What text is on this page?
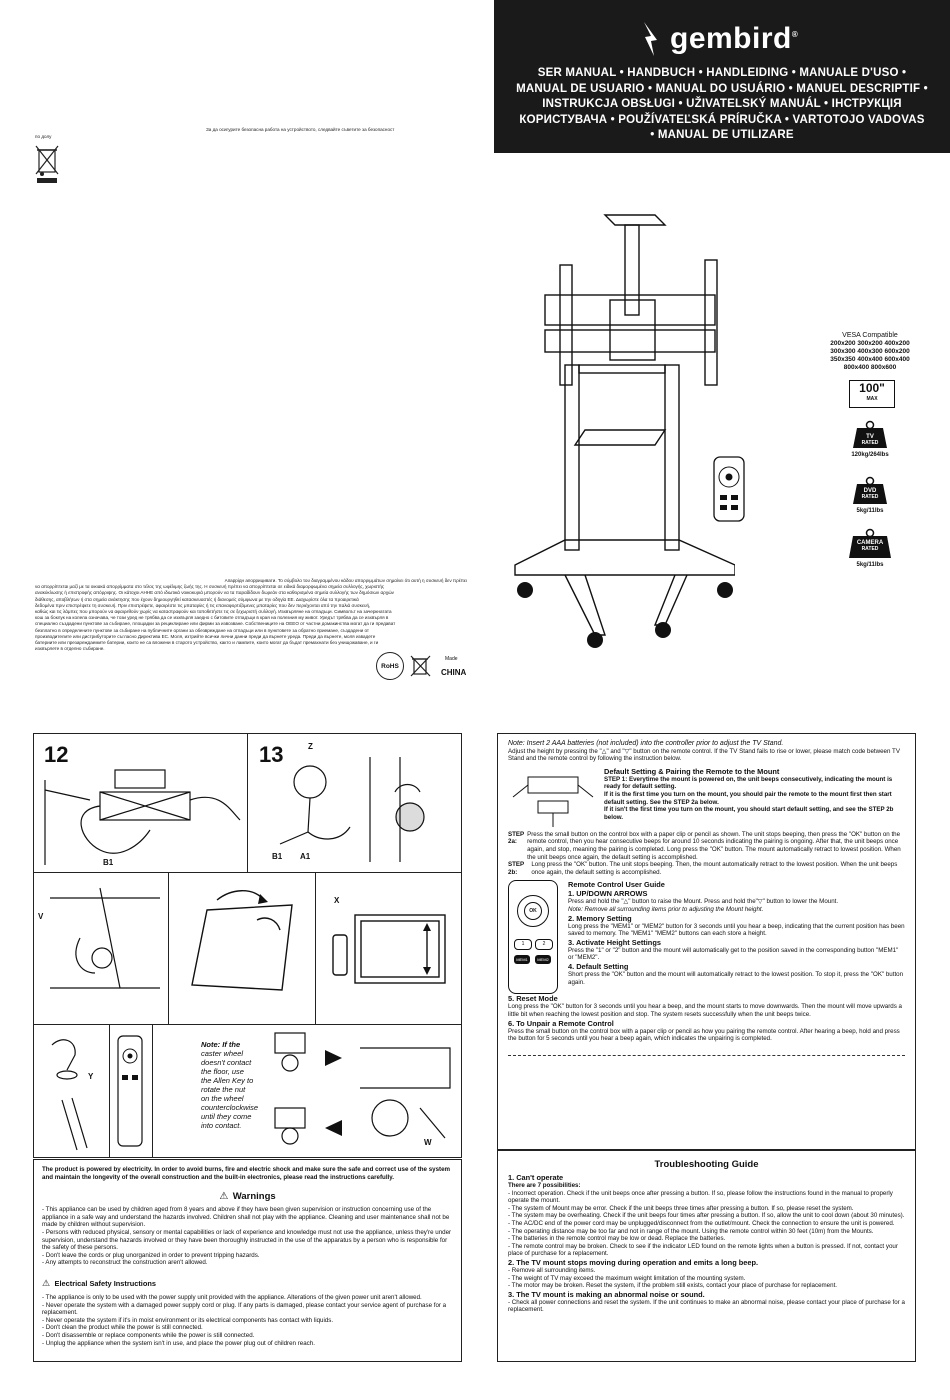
gembird®
SER MANUAL • HANDBUCH • HANDLEIDING • MANUALE D'USO •
MANUAL DE USUARIO • MANUAL DO USUÁRIO • MANUEL DESCRIPTIF •
INSTRUKCJA OBSŁUGI • UŽIVATELSKÝ MANUÁL • ІНСТРУКЦІЯ
КОРИСТУВАЧА • POUŽÍVATEĽSKÁ PRÍRUČKA • VARTOTOJO VADOVAS
• MANUAL DE UTILIZARE
За да осигурите безопасна работа на устройството, следвайте съветите за безопасност
по долу
Апаррідн апоррицивати. Το σύμβολο του διαγραμμένου κάδου απορριμμάτων σημαίνει ότι αυτή η συσκευή δεν πρέπει
να απορρίπτεται μαζί με τα οικιακά απορρίμματα στο τέλος της ωφέλιμης ζωής της. Η συσκευή πρέπει να απορρίπτεται σε ειδικά διαμορφωμένα σημεία συλλογής, χωριστής
ανακύκλωσης ή επιστροφής απόρριψης. Οι κάτοχοι ΑΗΗΕ από ιδιωτικά νοικοκυριά μπορούν να τα παραδίδουν δωρεάν στα καθορισμένα σημεία συλλογής των δημόσιων αρχών
διάθεσης, αποβλήτων ή στα σημεία ανάκτησης που έχουν δημιουργηθεί κατασκευαστές ή διανομείς σύμφωνα με την οδηγία ΕΕ. Διαχωρίστε όλα τα προαιρετικά
δεδομένα πριν επιστρέψετε τη συσκευή. Πριν επιστρέψετε, αφαιρέστε τις μπαταρίες ή τις επαναφορτιζόμενες μπαταρίες που δεν περιέχονται από την παλιά συσκευή,
καθώς και τις λάμπες που μπορούν να αφαιρεθούν χωρίς να καταστραφούν και τοποθετήστε τις σε ξεχωριστή συλλογή. Изхвърляне на отпадъци. Символът на зачеркнатата
кош за боклук на колела означава, че този уред не трябва да се изхвърля заедно с битовите отпадъци в края на полезния му живот. Уредът трябва да се изхвърля в
специално създадени пунктове за събиране, площадки за рециклиране или фирми за извозване. Собствениците на ОЕЕО от частни домакинства могат да ги предават
безплатно в определените пунктове за събиране на публичните органи за обезвреждане на отпадъци или в пунктовете за обратно приемане, създадени от
производителите или дистрибуторите съгласно Директива ЕС. Моля, изтрийте всички лични данни преди да върнете уреда. Преди да върнете, моля извадете
батериите или презареждаемите батерии, които не са вложени в старото устройство, както и лампите, които могат да бъдат премахнати без унищожаване, и ги
изхвърлете в отделно събиране.
RoHS
Made
CHINA
VESA Compatible
200x200 300x200 400x200
300x300 400x300 600x200
350x350 400x400 600x400
800x400 800x600
100"
MAX
TV
RATED
120kg/264lbs
DVD
RATED
5kg/11lbs
CAMERA
RATED
5kg/11lbs
12
B1
13	Z
B1 A1
V
X
Y
Note: If the
caster wheel
doesn't contact
the floor, use
the Allen Key to
rotate the nut
on the wheel
counterclockwise
until they come
into contact.
W
The product is powered by electricity. In order to avoid burns, fire and electric shock and make sure the safe and correct use of the system and maintain the longevity of the overall construction and the built-in electronics, please read the instructions carefully.
⚠ Warnings
- This appliance can be used by children aged from 8 years and above if they have been given supervision or instruction concerning use of the appliance in a safe way and understand the hazards involved. Children shall not play with the appliance. Cleaning and user maintenance shall not be made by children without supervision.
- Persons with reduced physical, sensory or mental capabilities or lack of experience and knowledge must not use the appliance, unless they're under supervision, understand the hazards involved or they have been thoroughly instructed in the use of the apparatus by a person who is responsible for the safety of these persons.
- Don't leave the cords or plug unorganized in order to prevent tripping hazards.
- Any attempts to reconstruct the construction aren't allowed.
⚠ Electrical Safety Instructions
- The appliance is only to be used with the power supply unit provided with the appliance. Alterations of the given power unit aren't allowed.
- Never operate the system with a damaged power supply cord or plug. If any parts is damaged, please contact your service agent of purchase for a replacement.
- Never operate the system if it's in moist environment or its electrical components has contact with liquids.
- Don't clean the product while the power is still connected.
- Don't disassemble or replace components while the power is still connected.
- Unplug the appliance when the system isn't in use, and place the power plug out of children reach.
Note: Insert 2 AAA batteries (not included) into the controller prior to adjust the TV Stand.
Adjust the height by pressing the "△" and "▽" button on the remote control. If the TV Stand fails to rise or lower, please match code between TV Stand and the remote control by following the instruction below.
Default Setting & Pairing the Remote to the Mount
STEP 1: Everytime the mount is powered on, the unit beeps consecutively, indicating the mount is ready for default setting.
If it is the first time you turn on the mount, you should pair the remote to the mount first then start default setting. See the STEP 2a below.
If it isn't the first time you turn on the mount, you should start default setting, and see the STEP 2b below.
STEP 2a:
Press the small button on the control box with a paper clip or pencil as shown. The unit stops beeping, then press the "OK" button on the remote control, then you hear consecutive beeps for around 10 seconds indicating the pairing is ongoing. After that, the unit beeps once again, and stop, meaning the pairing is completed. Long press the "OK" button. The mount automatically retract to lowest position. When the unit beeps once again, the default setting is accomplished.
STEP 2b:
Long press the "OK" button. The unit stops beeping. Then, the mount automatically retract to the lowest position. When the unit beeps once again, the default setting is accomplished.
OK
1	2
MEM1	MEM2
Remote Control User Guide
1. UP/DOWN ARROWS
Press and hold the "△" button to raise the Mount. Press and hold the"▽" button to lower the Mount.
Note: Remove all surrounding items prior to adjusting the Mount height.
2. Memory Setting
Long press the "MEM1" or "MEM2" button for 3 seconds until you hear a beep, indicating that the current position has been saved to memory. The "MEM1" "MEM2" buttons can each store a height.
3. Activate Height Settings
Press the "1" or "2" button and the mount will automatically get to the position saved in the corresponding button "MEM1" or "MEM2".
4. Default Setting
Short press the "OK" button and the mount will automatically retract to the lowest position. To stop it, press the "OK" button again.
5. Reset Mode
Long press the "OK" button for 3 seconds until you hear a beep, and the mount starts to move downwards. Then the mount will move upwards a little bit when reaching the lowest position and stop. The system resets successfully when the unit beeps twice.
6. To Unpair a Remote Control
Press the small button on the control box with a paper clip or pencil as how you pairing the remote control. After hearing a beep, hold and press the button for 5 seconds until you hear a beep again, which indicates the unpairing is completed.
Troubleshooting Guide
1. Can't operate
There are 7 possibilities:
- Incorrect operation. Check if the unit beeps once after pressing a button. If so, please follow the instructions found in the manual to properly operate the mount.
- The system of Mount may be error. Check if the unit beeps three times after pressing a button. If so, please reset the system.
- The system may be overheating. Check if the unit beeps four times after pressing a button. If so, allow the unit to cool down (about 30 minutes).
- The AC/DC end of the power cord may be unplugged/disconnect from the outlet/mount. Check the connection to ensure the unit is powered.
- The operating distance may be too far and not in range of the mount. Using the remote control within 30 feet (10m) from the Mounts.
- The batteries in the remote control may be low or dead. Replace the batteries.
- The remote control may be broken. Check to see if the indicator LED found on the remote lights when a button is pressed. If not, contact your place of purchase for a replacement.
2. The TV mount stops moving during operation and emits a long beep.
- Remove all surrounding items.
- The weight of TV may exceed the maximum weight limitation of the mounting system.
- The motor may be broken. Reset the system, if the problem still exists, contact your place of purchase for replacement.
3. The TV mount is making an abnormal noise or sound.
- Check all power connections and reset the system. If the unit continues to make an abnormal noise, please contact your place of purchase for a replacement.
